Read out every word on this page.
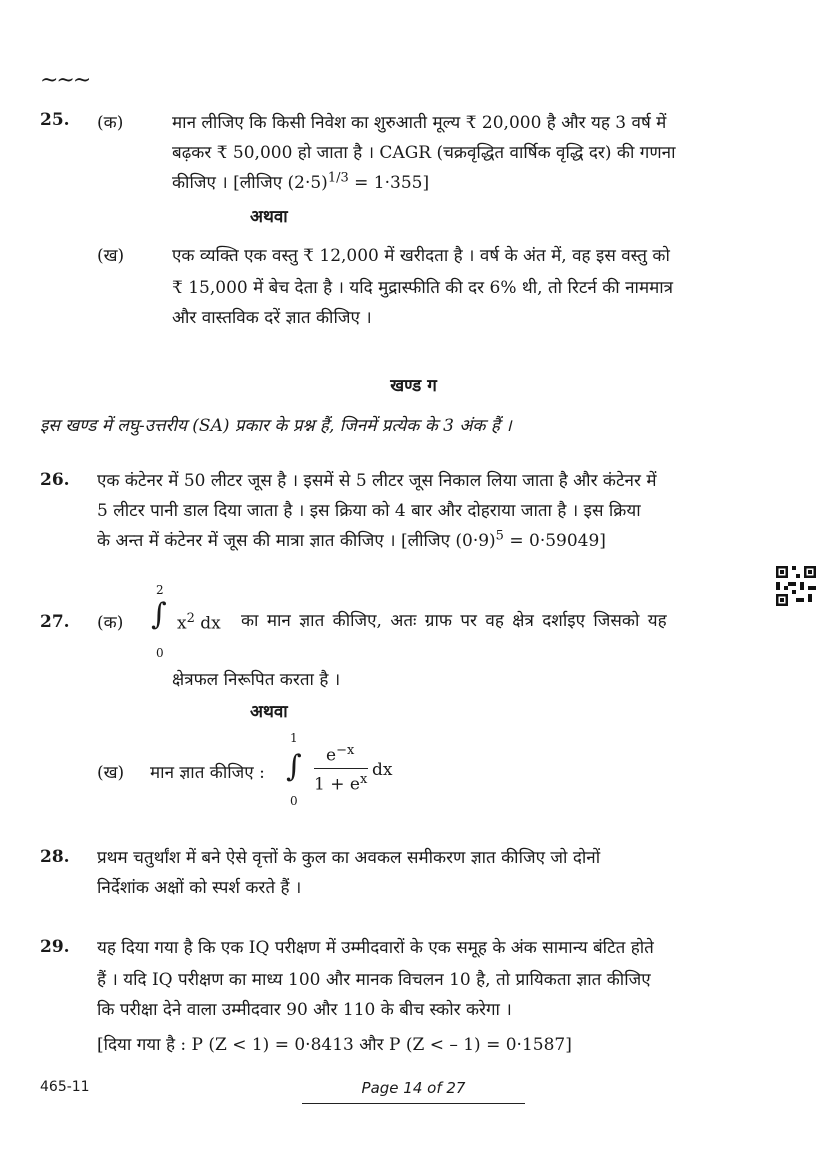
~~~
25. (क)	मान लीजिए कि किसी निवेश का शुरुआती मूल्य ₹ 20,000 है और यह 3 वर्ष में
बढ़कर ₹ 50,000 हो जाता है । CAGR (चक्रवृद्धित वार्षिक वृद्धि दर) की गणना
कीजिए । [लीजिए $(2\cdot 5)^{1/3} = 1\cdot 355$]
अथवा
(ख)	एक व्यक्ति एक वस्तु ₹ 12,000 में खरीदता है । वर्ष के अंत में, वह इस वस्तु को
₹ 15,000 में बेच देता है । यदि मुद्रास्फीति की दर 6% थी, तो रिटर्न की नाममात्र
और वास्तविक दरें ज्ञात कीजिए ।
खण्ड ग
इस खण्ड में लघु-उत्तरीय (SA) प्रकार के प्रश्न हैं, जिनमें प्रत्येक के 3 अंक हैं ।
26. एक कंटेनर में 50 लीटर जूस है । इसमें से 5 लीटर जूस निकाल लिया जाता है और कंटेनर में
5 लीटर पानी डाल दिया जाता है । इस क्रिया को 4 बार और दोहराया जाता है । इस क्रिया
के अन्त में कंटेनर में जूस की मात्रा ज्ञात कीजिए । [लीजिए $(0\cdot 9)^5 = 0\cdot 59049$]
27. (क)
2
∫
0
$x^2$ dx का मान ज्ञात कीजिए, अतः ग्राफ पर वह क्षेत्र दर्शाइए जिसको यह
क्षेत्रफल निरूपित करता है ।
अथवा
(ख) मान ज्ञात कीजिए :
1
∫
0
$e^{-x}$
$1 + e^x$ dx
28. प्रथम चतुर्थांश में बने ऐसे वृत्तों के कुल का अवकल समीकरण ज्ञात कीजिए जो दोनों
निर्देशांक अक्षों को स्पर्श करते हैं ।
29. यह दिया गया है कि एक IQ परीक्षण में उम्मीदवारों के एक समूह के अंक सामान्य बंटित होते
हैं । यदि IQ परीक्षण का माध्य 100 और मानक विचलन 10 है, तो प्रायिकता ज्ञात कीजिए
कि परीक्षा देने वाला उम्मीदवार 90 और 110 के बीच स्कोर करेगा ।
[दिया गया है : P (Z < 1) = 0·8413 और P (Z < – 1) = 0·1587]
465-11	Page 14 of 27
